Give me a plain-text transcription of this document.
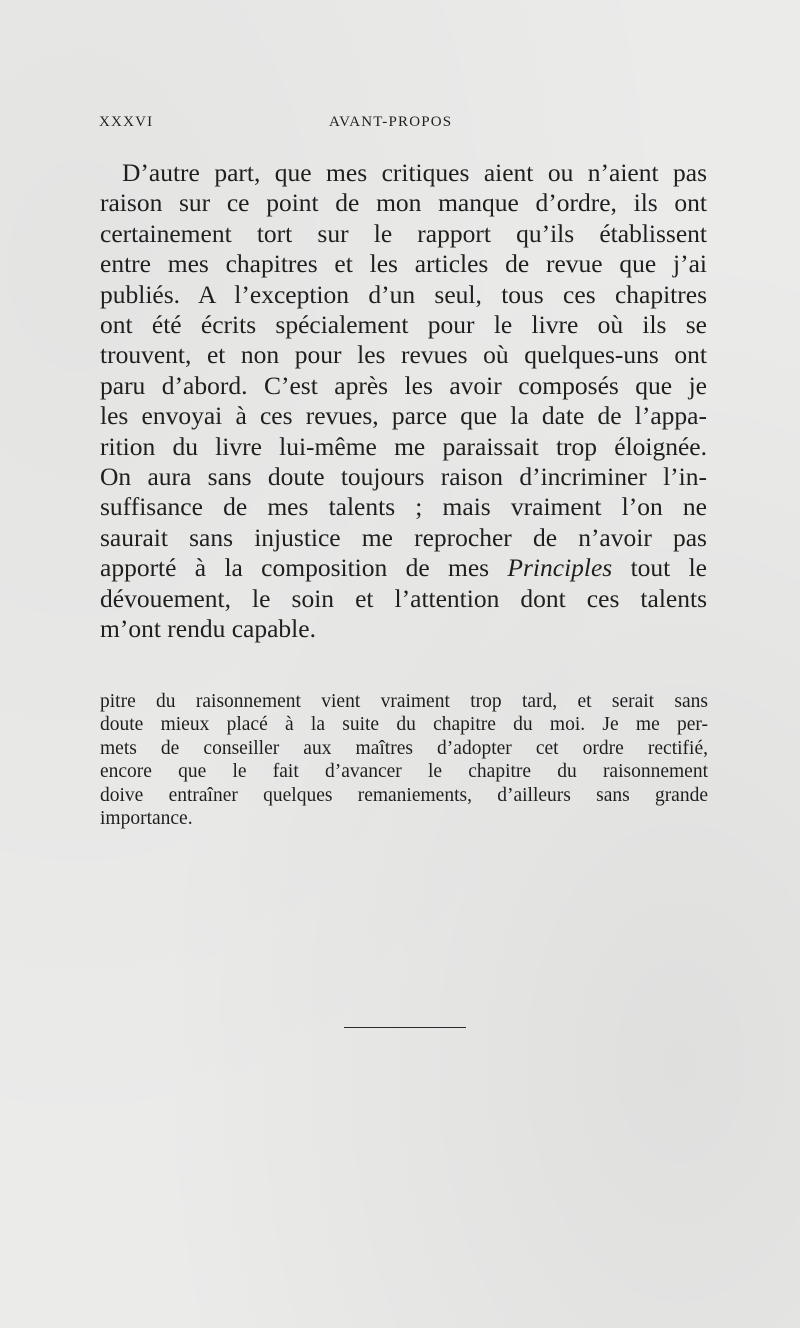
XXXVI	AVANT-PROPOS

D’autre part, que mes critiques aient ou n’aient pas
raison sur ce point de mon manque d’ordre, ils ont
certainement tort sur le rapport qu’ils établissent
entre mes chapitres et les articles de revue que j’ai
publiés. A l’exception d’un seul, tous ces chapitres
ont été écrits spécialement pour le livre où ils se
trouvent, et non pour les revues où quelques-uns ont
paru d’abord. C’est après les avoir composés que je
les envoyai à ces revues, parce que la date de l’appa-
rition du livre lui-même me paraissait trop éloignée.
On aura sans doute toujours raison d’incriminer l’in-
suffisance de mes talents ; mais vraiment l’on ne
saurait sans injustice me reprocher de n’avoir pas
apporté à la composition de mes Principles tout le
dévouement, le soin et l’attention dont ces talents
m’ont rendu capable.

pitre du raisonnement vient vraiment trop tard, et serait sans
doute mieux placé à la suite du chapitre du moi. Je me per-
mets de conseiller aux maîtres d’adopter cet ordre rectifié,
encore que le fait d’avancer le chapitre du raisonnement
doive entraîner quelques remaniements, d’ailleurs sans grande
importance.
